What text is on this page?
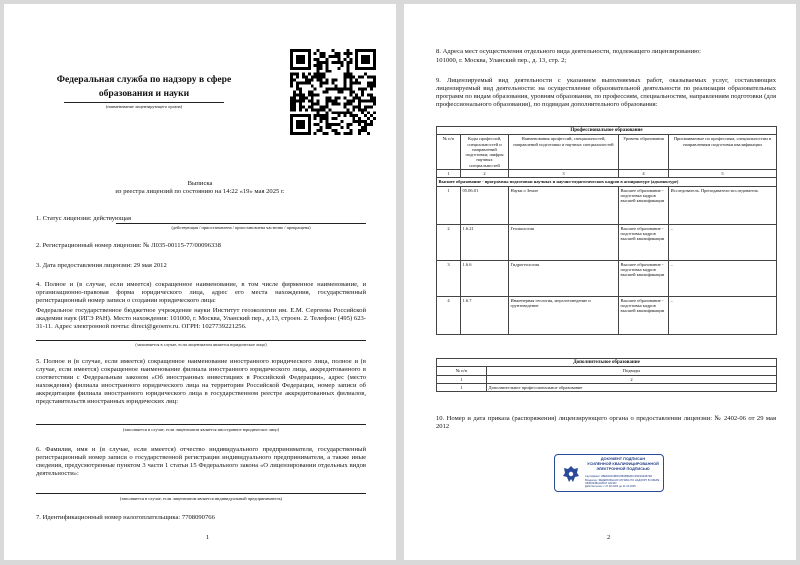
Федеральная служба по надзору в сфере
образования и науки
(наименование лицензирующего органа)
Выписка
из реестра лицензий по состоянию на 14:22 «19» мая 2025 г.
1. Статус лицензии: действующая
(действующая / приостановлена / приостановлена частично / прекращена)
2. Регистрационный номер лицензии: № Л035-00115-77/00096338
3. Дата предоставления лицензии: 29 мая 2012
4. Полное и (в случае, если имеется) сокращенное наименование, в том числе фирменное наименование, и организационно-правовая форма юридического лица, адрес его места нахождения, государственный регистрационный номер записи о создании юридического лица:
Федеральное государственное бюджетное учреждение науки Институт геоэкологии им. Е.М. Сергеева Российской академии наук (ИГЭ РАН). Место нахождения: 101000, г. Москва, Уланский пер., д.13, строен. 2. Телефон: (495) 623-31-11. Адрес электронной почты: direct@geoenv.ru. ОГРН: 1027739221256.
(заполняется в случае, если лицензиатом является юридическое лицо)
5. Полное и (в случае, если имеется) сокращенное наименование иностранного юридического лица, полное и (в случае, если имеется) сокращенное наименование филиала иностранного юридического лица, аккредитованного в соответствии с Федеральным законом «Об иностранных инвестициях в Российской Федерации», адрес (место нахождения) филиала иностранного юридического лица на территории Российской Федерации, номер записи об аккредитации филиала иностранного юридического лица в государственном реестре аккредитованных филиалов, представительств иностранных юридических лиц:
(заполняется в случае, если лицензиатом является иностранное юридическое лицо)
6. Фамилия, имя и (в случае, если имеется) отчество индивидуального предпринимателя, государственный регистрационный номер записи о государственной регистрации индивидуального предпринимателя, а также иные сведения, предусмотренные пунктом 3 части 1 статьи 15 Федерального закона «О лицензировании отдельных видов деятельности»:
(заполняется в случае, если лицензиатом является индивидуальный предприниматель)
7. Идентификационный номер налогоплательщика: 7708090766
1
8. Адреса мест осуществления отдельного вида деятельности, подлежащего лицензированию:
101000, г. Москва, Уланский пер., д. 13, стр. 2;
9. Лицензируемый вид деятельности с указанием выполняемых работ, оказываемых услуг, составляющих лицензируемый вид деятельности: на осуществление образовательной деятельности по реализации образовательных программ по видам образования, уровням образования, по профессиям, специальностям, направлениям подготовки (для профессионального образования), по подвидам дополнительного образования:
Профессиональное образование				
№ п/п	Коды профессий, специальностей и направлений подготовки; шифры научных специальностей	Наименования профессий, специальностей, направлений подготовки и научных специальностей	Уровень образования	Присваиваемые по профессиям, специальностям и направлениям подготовки квалификации
1	2	3	4	5
Высшее образование - программы подготовки научных и научно-педагогических кадров в аспирантуре (адъюнктуре)				
1	05.06.01	Науки о Земле	Высшее образование - подготовка кадров высшей квалификации	Исследователь. Преподаватель-исследователь
2	1.6.21	Геоэкология	Высшее образование - подготовка кадров высшей квалификации	–
3	1.6.6	Гидрогеология	Высшее образование - подготовка кадров высшей квалификации	–
4	1.6.7	Инженерная геология, мерзлотоведение и грунтоведение	Высшее образование - подготовка кадров высшей квалификации	–
Дополнительное образование	
№ п/п	Подвиды
1	2
1	Дополнительное профессиональное образование
10. Номер и дата приказа (распоряжения) лицензирующего органа о предоставлении лицензии: № 2402-06 от 29 мая 2012
ДОКУМЕНТ ПОДПИСАН
УСИЛЕННОЙ КВАЛИФИЦИРОВАННОЙ
ЭЛЕКТРОННОЙ ПОДПИСЬЮ
Сертификат: 0BE84A5AB6FF0BAB5E8C2D3F9A91B7E6
Владелец: ФЕДЕРАЛЬНАЯ СЛУЖБА ПО НАДЗОРУ В СФЕРЕ ОБРАЗОВАНИЯ И НАУКИ
Действителен: с 27.06.2024 до 21.10.2025
2
